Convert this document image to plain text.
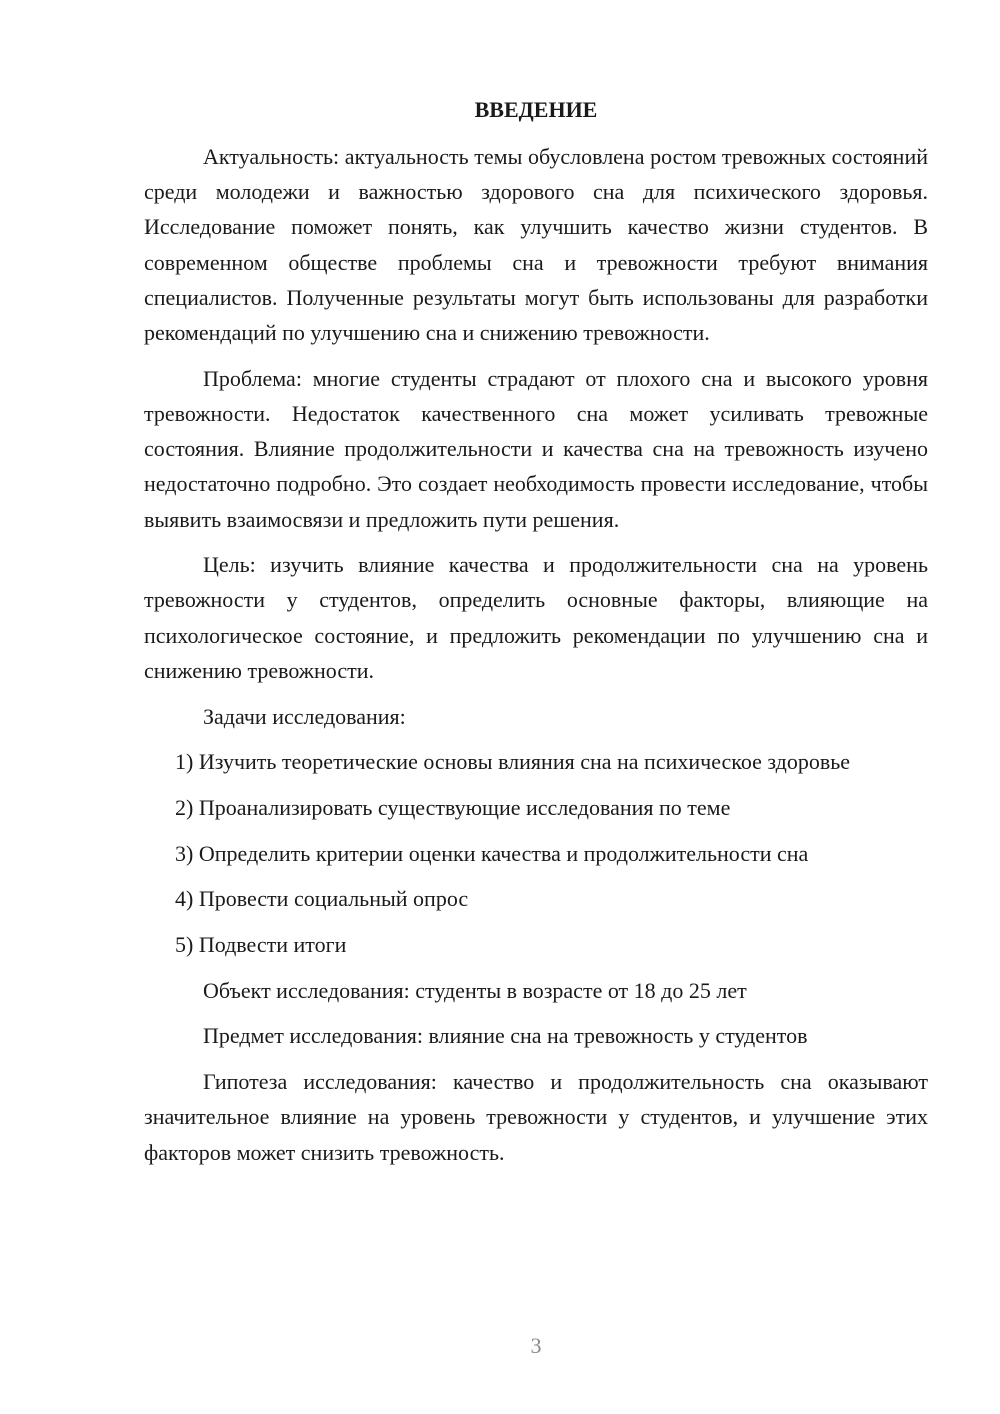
ВВЕДЕНИЕ

Актуальность: актуальность темы обусловлена ростом тревожных состояний среди молодежи и важностью здорового сна для психического здоровья. Исследование поможет понять, как улучшить качество жизни студентов. В современном обществе проблемы сна и тревожности требуют внимания специалистов. Полученные результаты могут быть использованы для разработки рекомендаций по улучшению сна и снижению тревожности.

Проблема: многие студенты страдают от плохого сна и высокого уровня тревожности. Недостаток качественного сна может усиливать тревожные состояния. Влияние продолжительности и качества сна на тревожность изучено недостаточно подробно. Это создает необходимость провести исследование, чтобы выявить взаимосвязи и предложить пути решения.

Цель: изучить влияние качества и продолжительности сна на уровень тревожности у студентов, определить основные факторы, влияющие на психологическое состояние, и предложить рекомендации по улучшению сна и снижению тревожности.

Задачи исследования:

1) Изучить теоретические основы влияния сна на психическое здоровье

2) Проанализировать существующие исследования по теме

3) Определить критерии оценки качества и продолжительности сна

4) Провести социальный опрос

5) Подвести итоги

Объект исследования: студенты в возрасте от 18 до 25 лет

Предмет исследования: влияние сна на тревожность у студентов

Гипотеза исследования: качество и продолжительность сна оказывают значительное влияние на уровень тревожности у студентов, и улучшение этих факторов может снизить тревожность.

3
